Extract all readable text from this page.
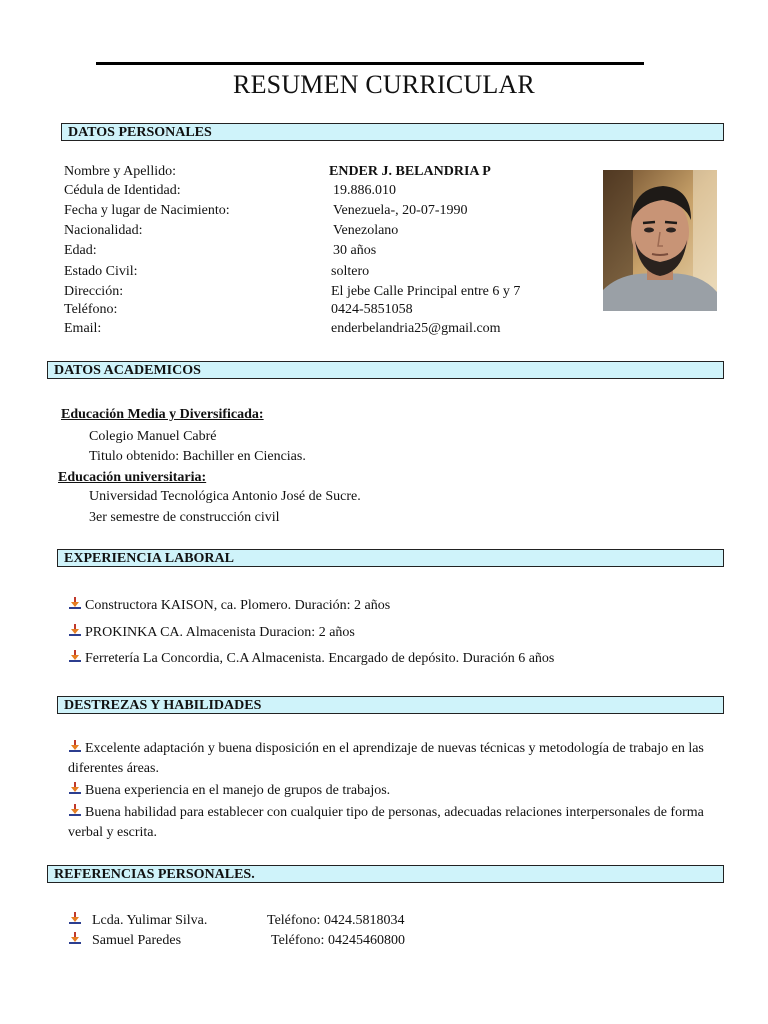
RESUMEN CURRICULAR
DATOS PERSONALES
Nombre y Apellido:
Cédula de Identidad:
Fecha y lugar de Nacimiento:
Nacionalidad:
Edad:
Estado Civil:
Dirección:
Teléfono:
Email:
ENDER J. BELANDRIA P
19.886.010
Venezuela-, 20-07-1990
Venezolano
30 años
soltero
El jebe Calle Principal entre 6 y 7
0424-5851058
enderbelandria25@gmail.com
DATOS ACADEMICOS
Educación Media y Diversificada:
Colegio Manuel Cabré
Titulo obtenido: Bachiller en Ciencias.
Educación universitaria:
Universidad Tecnológica Antonio José de Sucre.
3er semestre de construcción civil
EXPERIENCIA LABORAL
Constructora KAISON, ca. Plomero. Duración: 2 años
PROKINKA CA. Almacenista Duracion: 2 años
Ferretería La Concordia, C.A Almacenista. Encargado de depósito. Duración 6 años
DESTREZAS Y HABILIDADES
Excelente adaptación y buena disposición en el aprendizaje de nuevas técnicas y metodología de trabajo en las diferentes áreas.
Buena experiencia en el manejo de grupos de trabajos.
Buena habilidad para establecer con cualquier tipo de personas, adecuadas relaciones interpersonales de forma verbal y escrita.
REFERENCIAS PERSONALES.
Lcda. Yulimar Silva.	Teléfono: 0424.5818034
Samuel Paredes	Teléfono: 04245460800
